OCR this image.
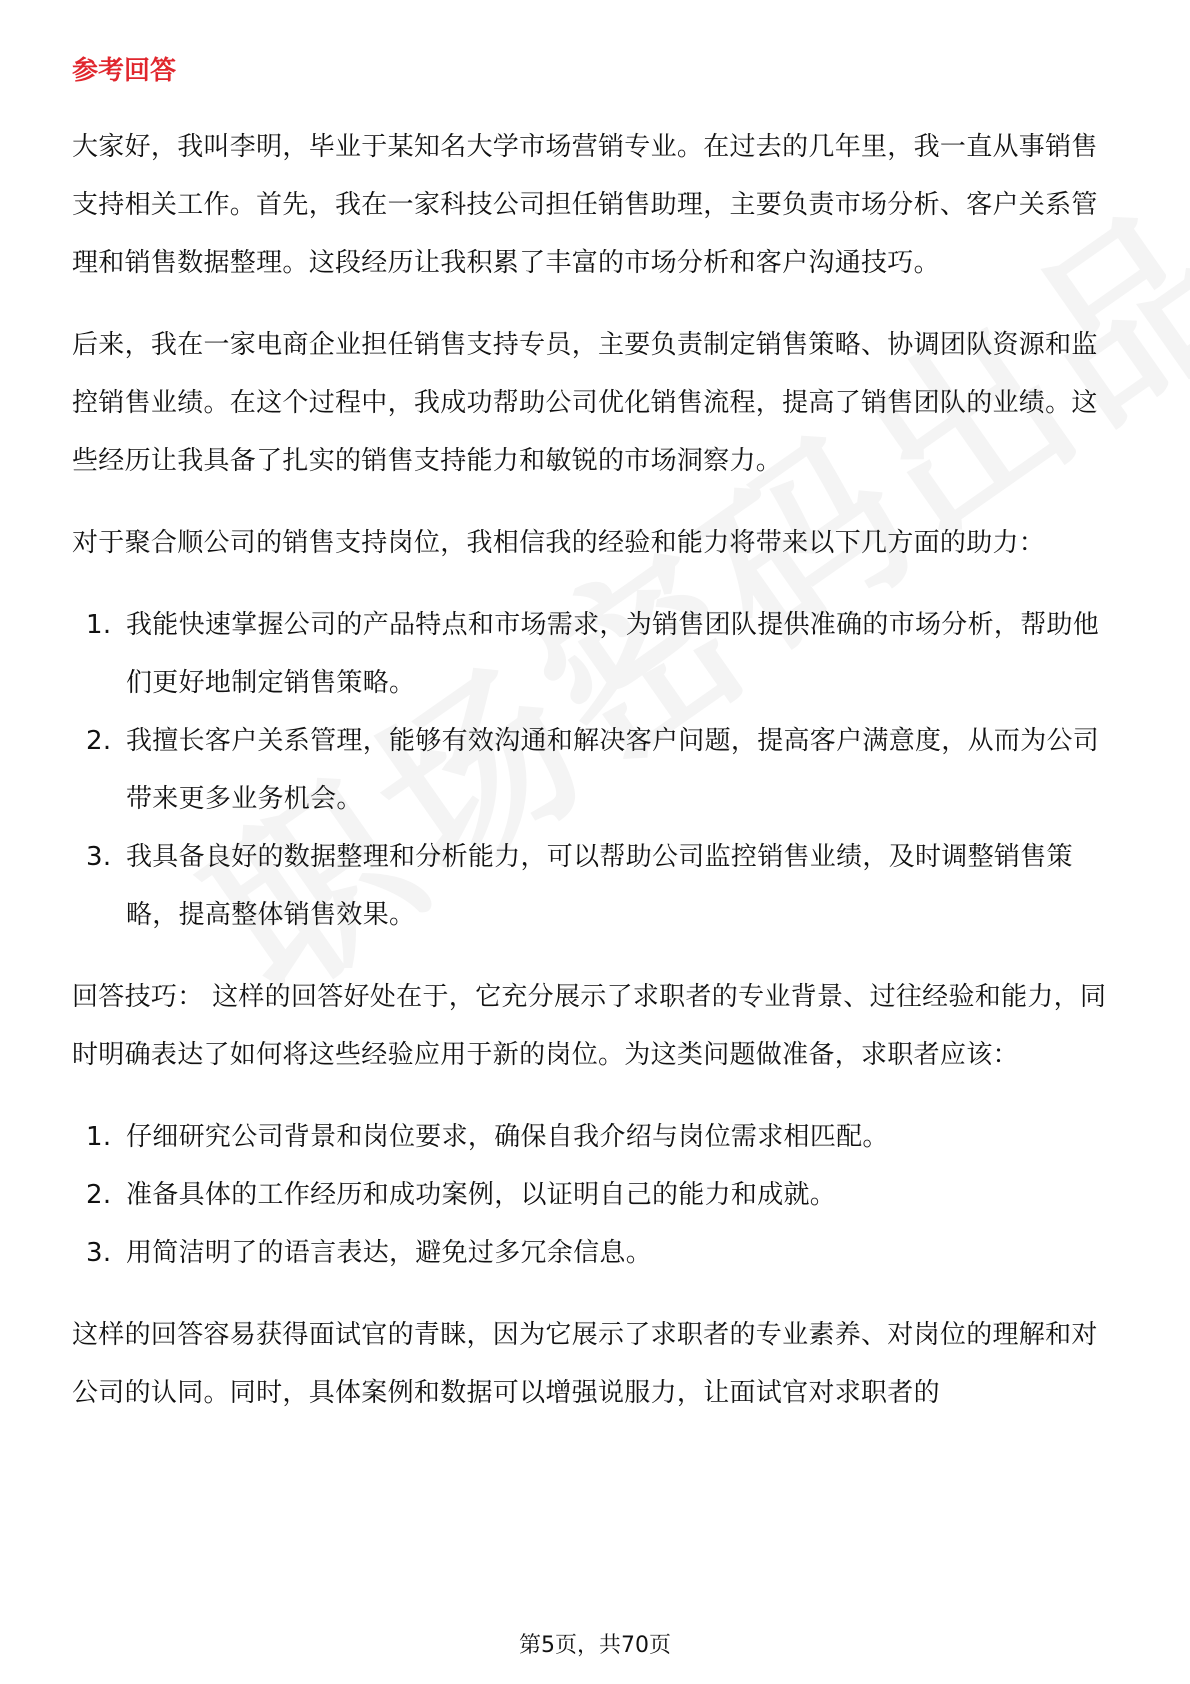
参考回答

大家好，我叫李明，毕业于某知名大学市场营销专业。在过去的几年里，我一直从事销售支持相关工作。首先，我在一家科技公司担任销售助理，主要负责市场分析、客户关系管理和销售数据整理。这段经历让我积累了丰富的市场分析和客户沟通技巧。

后来，我在一家电商企业担任销售支持专员，主要负责制定销售策略、协调团队资源和监控销售业绩。在这个过程中，我成功帮助公司优化销售流程，提高了销售团队的业绩。这些经历让我具备了扎实的销售支持能力和敏锐的市场洞察力。

对于聚合顺公司的销售支持岗位，我相信我的经验和能力将带来以下几方面的助力：

1. 我能快速掌握公司的产品特点和市场需求，为销售团队提供准确的市场分析，帮助他们更好地制定销售策略。
2. 我擅长客户关系管理，能够有效沟通和解决客户问题，提高客户满意度，从而为公司带来更多业务机会。
3. 我具备良好的数据整理和分析能力，可以帮助公司监控销售业绩，及时调整销售策略，提高整体销售效果。

回答技巧： 这样的回答好处在于，它充分展示了求职者的专业背景、过往经验和能力，同时明确表达了如何将这些经验应用于新的岗位。为这类问题做准备，求职者应该：

1. 仔细研究公司背景和岗位要求，确保自我介绍与岗位需求相匹配。
2. 准备具体的工作经历和成功案例，以证明自己的能力和成就。
3. 用简洁明了的语言表达，避免过多冗余信息。

这样的回答容易获得面试官的青睐，因为它展示了求职者的专业素养、对岗位的理解和对公司的认同。同时，具体案例和数据可以增强说服力，让面试官对求职者的

第5页，共70页
